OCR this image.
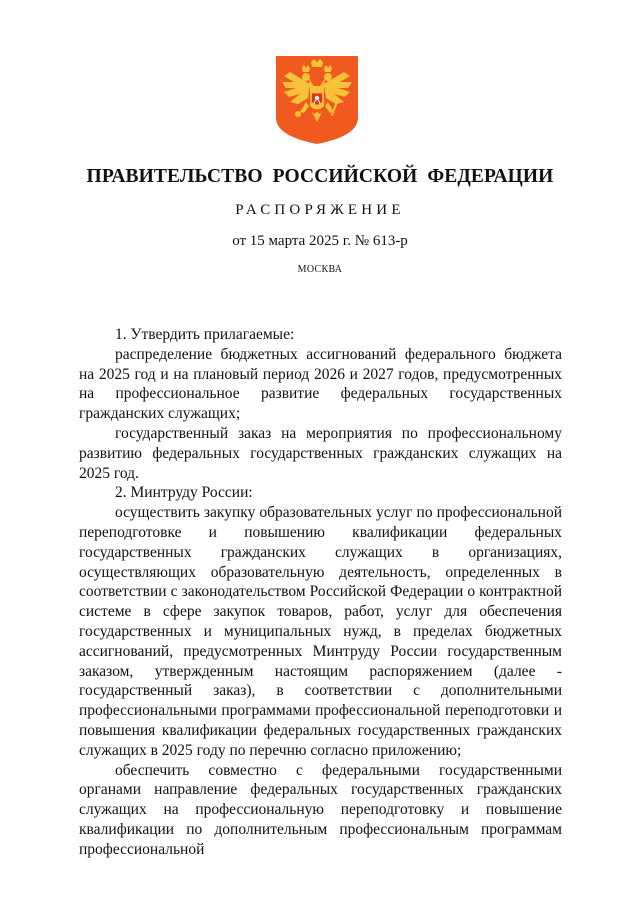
ПРАВИТЕЛЬСТВО РОССИЙСКОЙ ФЕДЕРАЦИИ
РАСПОРЯЖЕНИЕ
от 15 марта 2025 г. № 613-р
МОСКВА

1. Утвердить прилагаемые:

распределение бюджетных ассигнований федерального бюджета на 2025 год и на плановый период 2026 и 2027 годов, предусмотренных на профессиональное развитие федеральных государственных гражданских служащих;

государственный заказ на мероприятия по профессиональному развитию федеральных государственных гражданских служащих на 2025 год.

2. Минтруду России:

осуществить закупку образовательных услуг по профессиональной переподготовке и повышению квалификации федеральных государственных гражданских служащих в организациях, осуществляющих образовательную деятельность, определенных в соответствии с законодательством Российской Федерации о контрактной системе в сфере закупок товаров, работ, услуг для обеспечения государственных и муниципальных нужд, в пределах бюджетных ассигнований, предусмотренных Минтруду России государственным заказом, утвержденным настоящим распоряжением (далее - государственный заказ), в соответствии с дополнительными профессиональными программами профессиональной переподготовки и повышения квалификации федеральных государственных гражданских служащих в 2025 году по перечню согласно приложению;

обеспечить совместно с федеральными государственными органами направление федеральных государственных гражданских служащих на профессиональную переподготовку и повышение квалификации по дополнительным профессиональным программам профессиональной
